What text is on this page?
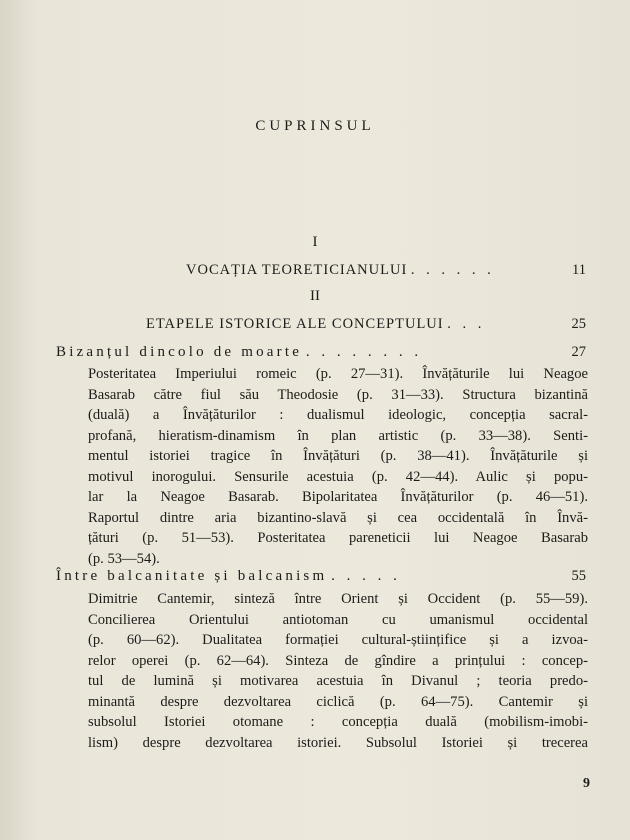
CUPRINSUL
I
VOCAȚIA TEORETICIANULUI . . . . . .	11
II
ETAPELE ISTORICE ALE CONCEPTULUI . . .	25
Bizanțul dincolo de moarte . . . . . . . .	27
Posteritatea Imperiului romeic (p. 27—31). Învățăturile lui Neagoe
Basarab către fiul său Theodosie (p. 31—33). Structura bizantină
(duală) a Învățăturilor : dualismul ideologic, concepția sacral-
profană, hieratism-dinamism în plan artistic (p. 33—38). Senti-
mentul istoriei tragice în Învățături (p. 38—41). Învățăturile și
motivul inorogului. Sensurile acestuia (p. 42—44). Aulic și popu-
lar la Neagoe Basarab. Bipolaritatea Învățăturilor (p. 46—51).
Raportul dintre aria bizantino-slavă și cea occidentală în Învă-
țături (p. 51—53). Posteritatea pareneticii lui Neagoe Basarab
(p. 53—54).
Între balcanitate și balcanism . . . . .	55
Dimitrie Cantemir, sinteză între Orient și Occident (p. 55—59).
Concilierea Orientului antiotoman cu umanismul occidental
(p. 60—62). Dualitatea formației cultural-științifice și a izvoa-
relor operei (p. 62—64). Sinteza de gîndire a prințului : concep-
tul de lumină și motivarea acestuia în Divanul ; teoria predo-
minantă despre dezvoltarea ciclică (p. 64—75). Cantemir și
subsolul Istoriei otomane : concepția duală (mobilism-imobi-
lism) despre dezvoltarea istoriei. Subsolul Istoriei și trecerea
9
